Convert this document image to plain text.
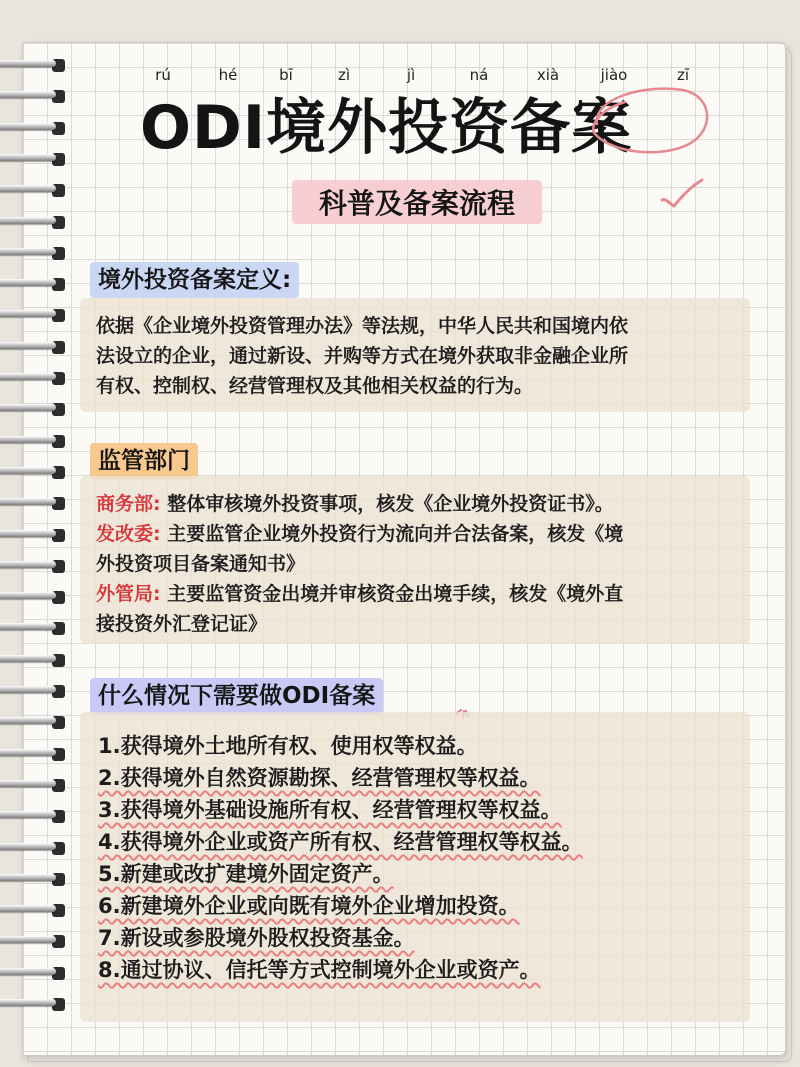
rú	hé	bī	zì	jì	ná	xià	jiào	zī
ODI境外投资备案
科普及备案流程
境外投资备案定义:
依据《企业境外投资管理办法》等法规，中华人民共和国境内依
法设立的企业，通过新设、并购等方式在境外获取非金融企业所
有权、控制权、经营管理权及其他相关权益的行为。
监管部门
商务部: 整体审核境外投资事项，核发《企业境外投资证书》。
发改委: 主要监管企业境外投资行为流向并合法备案，核发《境
外投资项目备案通知书》
外管局: 主要监管资金出境并审核资金出境手续，核发《境外直
接投资外汇登记证》
什么情况下需要做ODI备案
1.获得境外土地所有权、使用权等权益。
2.获得境外自然资源勘探、经营管理权等权益。
3.获得境外基础设施所有权、经营管理权等权益。
4.获得境外企业或资产所有权、经营管理权等权益。
5.新建或改扩建境外固定资产。
6.新建境外企业或向既有境外企业增加投资。
7.新设或参股境外股权投资基金。
8.通过协议、信托等方式控制境外企业或资产。
